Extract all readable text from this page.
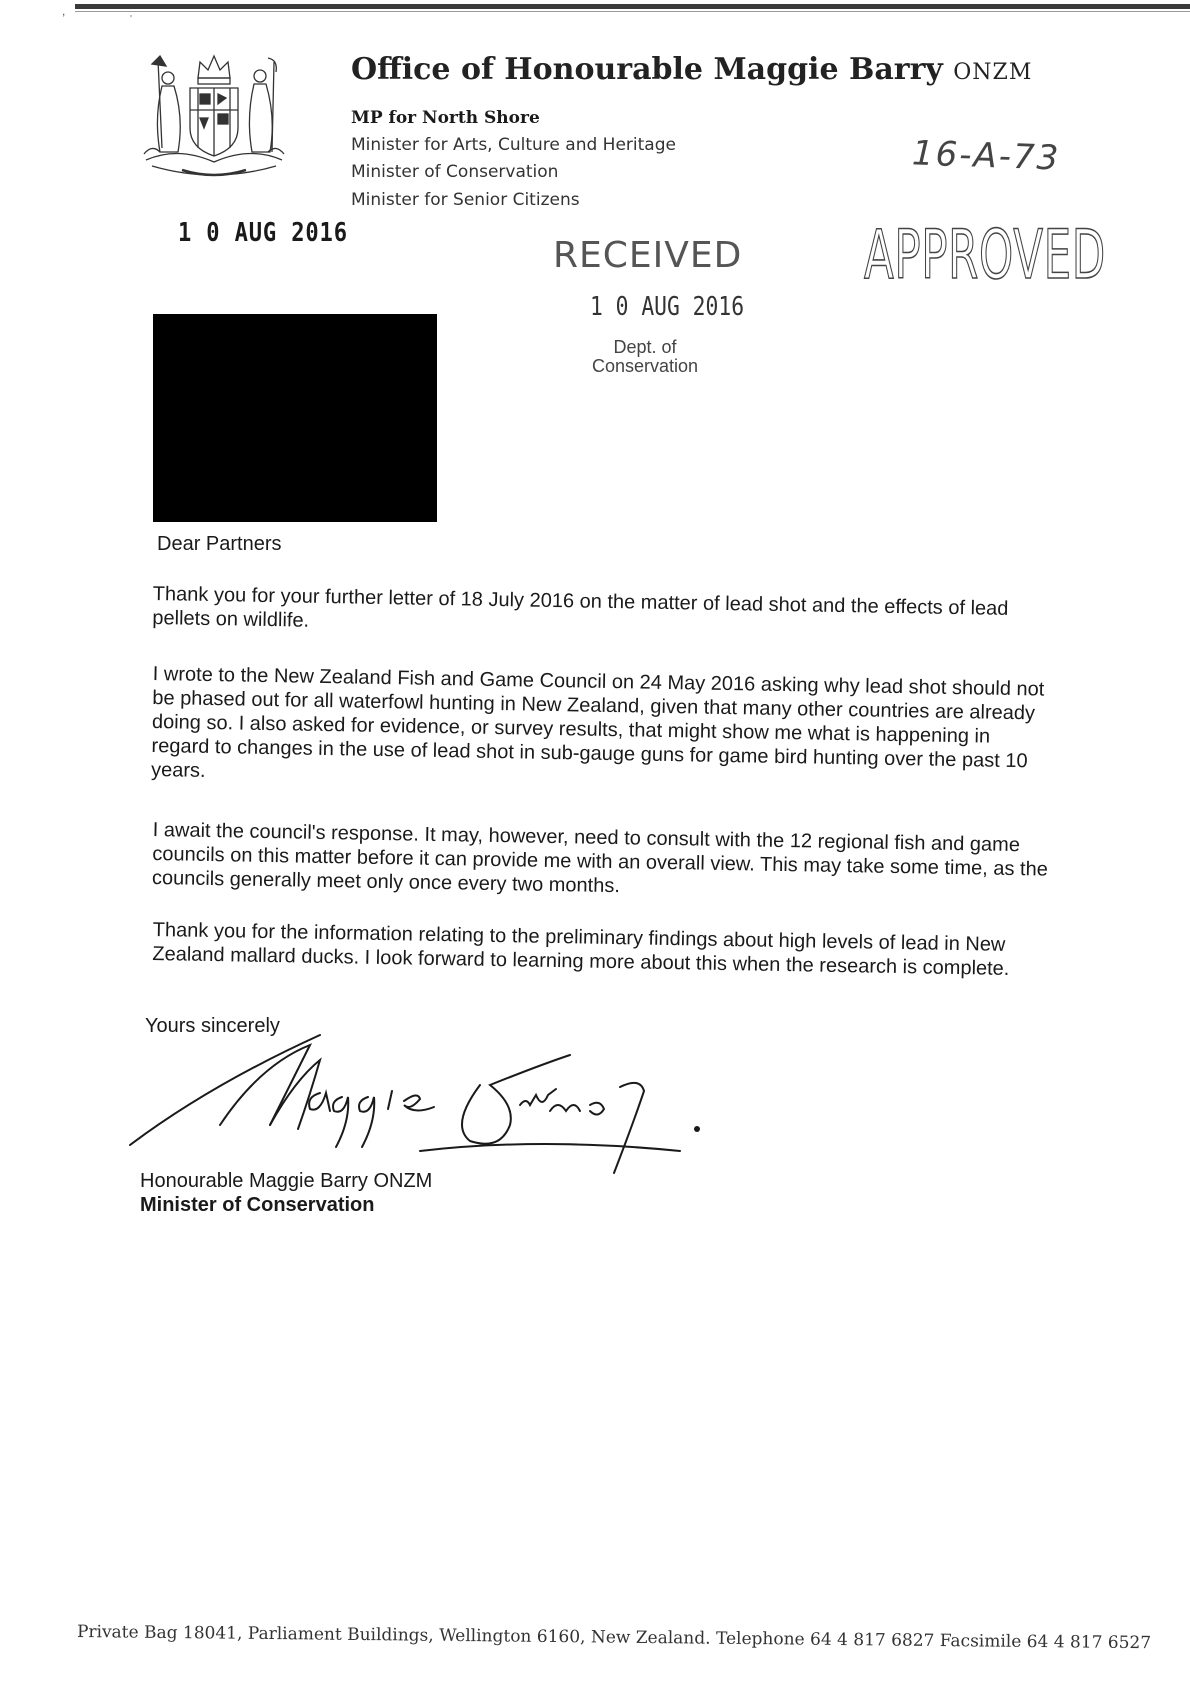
,
'
Office of Honourable Maggie Barry ONZM
MP for North Shore
Minister for Arts, Culture and Heritage
Minister of Conservation
Minister for Senior Citizens
1 0 AUG 2016
RECEIVED
1 0 AUG 2016
Dept. of
Conservation
APPROVED
16-A-73
Dear Partners
Thank you for your further letter of 18 July 2016 on the matter of lead shot and the effects of lead pellets on wildlife.
I wrote to the New Zealand Fish and Game Council on 24 May 2016 asking why lead shot should not be phased out for all waterfowl hunting in New Zealand, given that many other countries are already doing so. I also asked for evidence, or survey results, that might show me what is happening in regard to changes in the use of lead shot in sub-gauge guns for game bird hunting over the past 10 years.
I await the council's response. It may, however, need to consult with the 12 regional fish and game councils on this matter before it can provide me with an overall view. This may take some time, as the councils generally meet only once every two months.
Thank you for the information relating to the preliminary findings about high levels of lead in New Zealand mallard ducks. I look forward to learning more about this when the research is complete.
Yours sincerely
Honourable Maggie Barry ONZM
Minister of Conservation
Private Bag 18041, Parliament Buildings, Wellington 6160, New Zealand. Telephone 64 4 817 6827 Facsimile 64 4 817 6527
